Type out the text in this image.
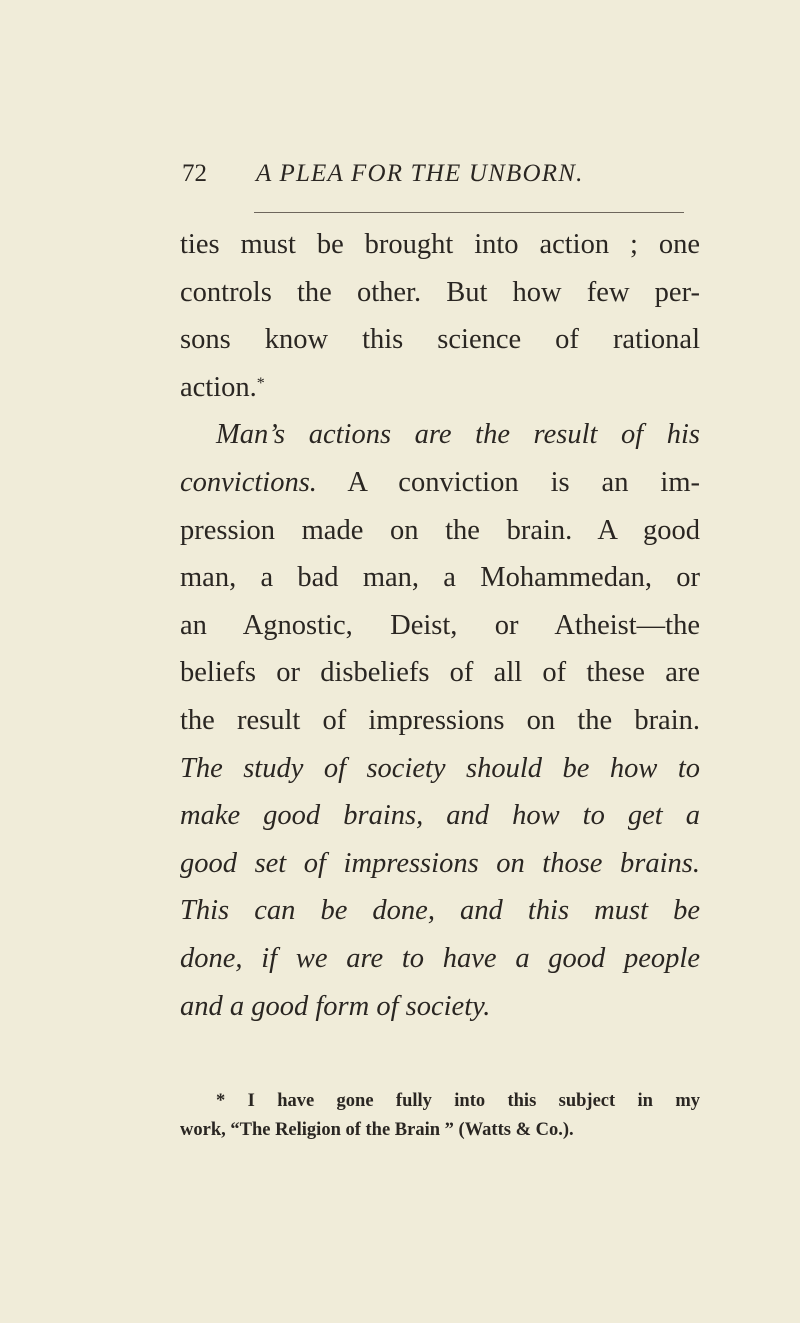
72 A PLEA FOR THE UNBORN.
ties must be brought into action ; one
controls the other. But how few per-
sons know this science of rational
action.*
Man’s actions are the result of his
convictions. A conviction is an im-
pression made on the brain. A good
man, a bad man, a Mohammedan, or
an Agnostic, Deist, or Atheist—the
beliefs or disbeliefs of all of these are
the result of impressions on the brain.
The study of society should be how to
make good brains, and how to get a
good set of impressions on those brains.
This can be done, and this must be
done, if we are to have a good people
and a good form of society.
* I have gone fully into this subject in my
work, “The Religion of the Brain ” (Watts & Co.).
